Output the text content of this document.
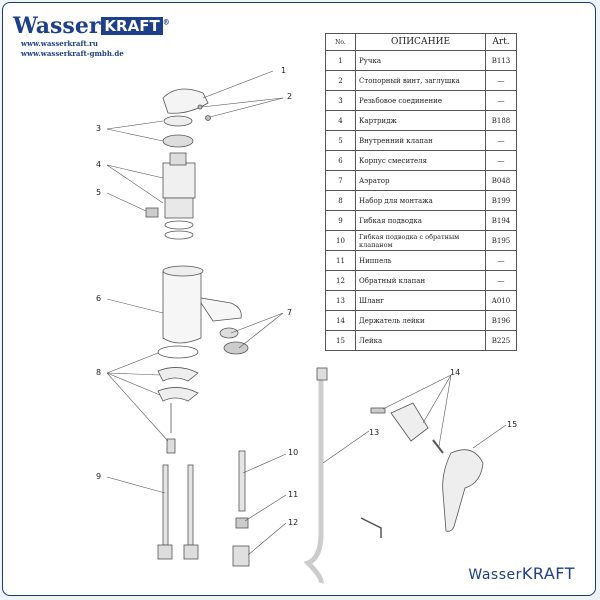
Wasser KRAFT ®
www.wasserkraft.ru
www.wasserkraft-gmbh.de
1
2
3
4
5
6
7
8
9
10
11
12
13
14
15
No.	ОПИСАНИЕ	Art.
1	Ручка	B113
2	Стопорный винт, заглушка	—
3	Резьбовое соединение	—
4	Картридж	B188
5	Внутренний клапан	—
6	Корпус смесителя	—
7	Аэратор	B048
8	Набор для монтажа	B199
9	Гибкая подводка	B194
10	Гибкая подводка с обратным клапаном	B195
11	Ниппель	—
12	Обратный клапан	—
13	Шланг	A010
14	Держатель лейки	B196
15	Лейка	B225
WasserKRAFT
